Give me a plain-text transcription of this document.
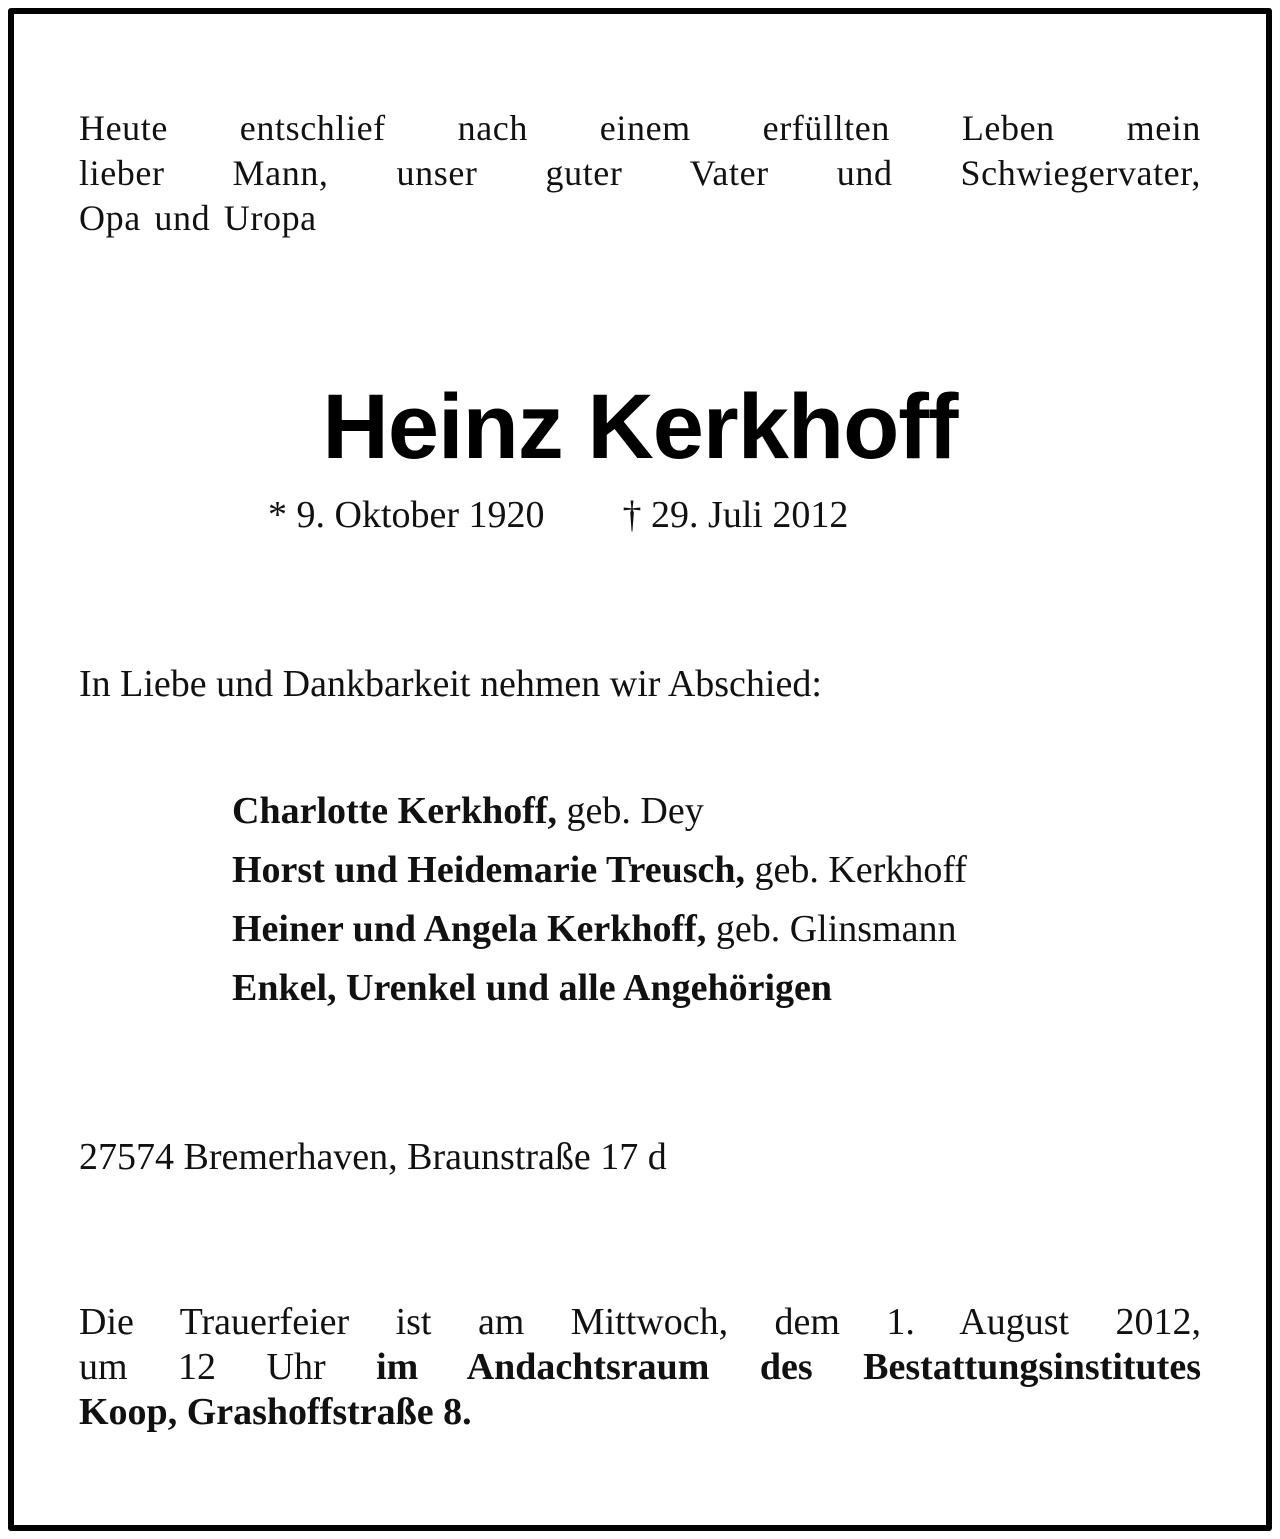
Heute entschlief nach einem erfüllten Leben mein
lieber Mann, unser guter Vater und Schwiegervater,
Opa und Uropa
Heinz Kerkhoff
* 9. Oktober 1920 † 29. Juli 2012
In Liebe und Dankbarkeit nehmen wir Abschied:
Charlotte Kerkhoff, geb. Dey
Horst und Heidemarie Treusch, geb. Kerkhoff
Heiner und Angela Kerkhoff, geb. Glinsmann
Enkel, Urenkel und alle Angehörigen
27574 Bremerhaven, Braunstraße 17 d
Die Trauerfeier ist am Mittwoch, dem 1. August 2012,
um 12 Uhr im Andachtsraum des Bestattungsinstitutes
Koop, Grashoffstraße 8.
